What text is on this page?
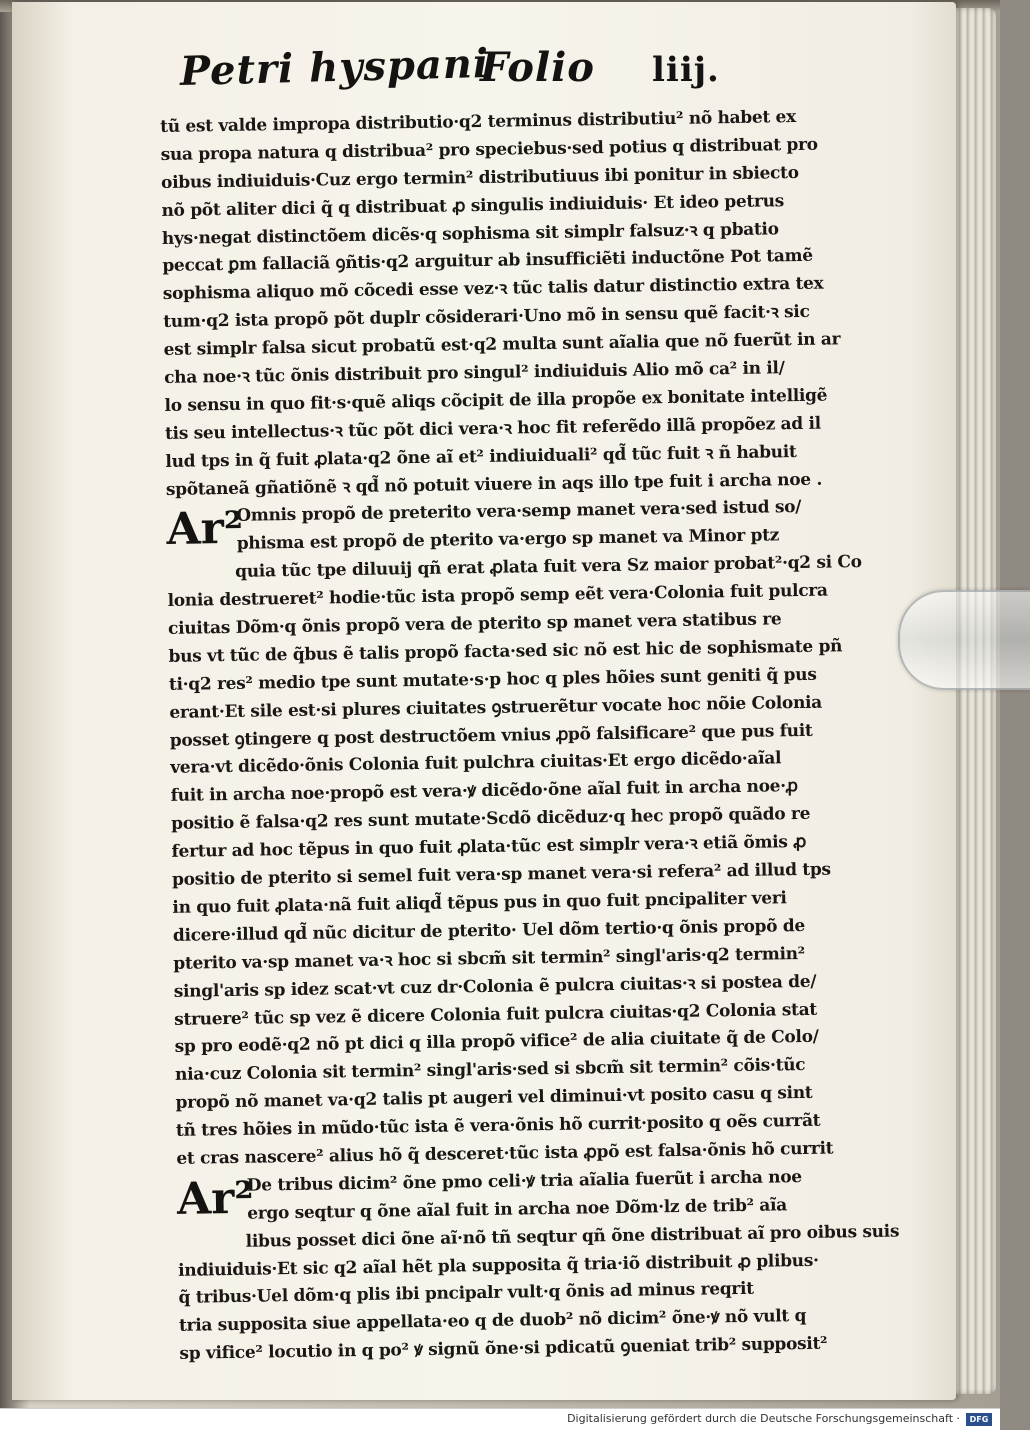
Petri hyspani
Folio liij.
tũ est valde impropa distributio·q2 terminus distributiu² nõ habet ex
sua propa natura q distribua² pro speciebus·sed potius q distribuat pro
oibus indiuiduis·Cuz ergo termin² distributiuus ibi ponitur in sbiecto
nõ põt aliter dici q̃ q distribuat ꝓ singulis indiuiduis· Et ideo petrus
hys·negat distinctõem dicẽs·q sophisma sit simplr falsuz·ꝛ q pbatio
peccat ꝑm fallaciã ꝯñtis·q2 arguitur ab insufficiẽti inductõne Pot tamẽ
sophisma aliquo mõ cõcedi esse vez·ꝛ tũc talis datur distinctio extra tex
tum·q2 ista propõ põt duplr cõsiderari·Uno mõ in sensu quẽ facit·ꝛ sic
est simplr falsa sicut probatũ est·q2 multa sunt aĩalia que nõ fuerũt in ar
cha noe·ꝛ tũc õnis distribuit pro singul² indiuiduis Alio mõ ca² in il/
lo sensu in quo fit·s·quẽ aliqs cõcipit de illa propõe ex bonitate intelligẽ
tis seu intellectus·ꝛ tũc põt dici vera·ꝛ hoc fit referẽdo illã propõez ad il
lud tps in q̃ fuit ꝓlata·q2 õne aĩ et² indiuiduali² qd̃ tũc fuit ꝛ ñ habuit
spõtaneã gñatiõnẽ ꝛ qd̃ nõ potuit viuere in aqs illo tpe fuit i archa noe .
Ar²
Omnis propõ de preterito vera·semp manet vera·sed istud so/
phisma est propõ de pterito va·ergo sp manet va Minor ptz
quia tũc tpe diluuij qñ erat ꝓlata fuit vera Sz maior probat²·q2 si Co
lonia destrueret² hodie·tũc ista propõ semp eẽt vera·Colonia fuit pulcra
ciuitas Dõm·q õnis propõ vera de pterito sp manet vera statibus re
bus vt tũc de q̃bus ẽ talis propõ facta·sed sic nõ est hic de sophismate pñ
ti·q2 res² medio tpe sunt mutate·s·p hoc q ples hõies sunt geniti q̃ pus
erant·Et sile est·si plures ciuitates ꝯstruerẽtur vocate hoc nõie Colonia
posset ꝯtingere q post destructõem vnius ꝓpõ falsificare² que pus fuit
vera·vt dicẽdo·õnis Colonia fuit pulchra ciuitas·Et ergo dicẽdo·aĩal
fuit in archa noe·propõ est vera·ꝟ dicẽdo·õne aĩal fuit in archa noe·ꝓ
positio ẽ falsa·q2 res sunt mutate·Scdõ dicẽduz·q hec propõ quãdo re
fertur ad hoc tẽpus in quo fuit ꝓlata·tũc est simplr vera·ꝛ etiã õmis ꝓ
positio de pterito si semel fuit vera·sp manet vera·si refera² ad illud tps
in quo fuit ꝓlata·nã fuit aliqd̃ tẽpus pus in quo fuit pncipaliter veri
dicere·illud qd̃ nũc dicitur de pterito· Uel dõm tertio·q õnis propõ de
pterito va·sp manet va·ꝛ hoc si sbcm̃ sit termin² singl'aris·q2 termin²
singl'aris sp idez scat·vt cuz dr·Colonia ẽ pulcra ciuitas·ꝛ si postea de/
struere² tũc sp vez ẽ dicere Colonia fuit pulcra ciuitas·q2 Colonia stat
sp pro eodẽ·q2 nõ pt dici q illa propõ vifice² de alia ciuitate q̃ de Colo/
nia·cuz Colonia sit termin² singl'aris·sed si sbcm̃ sit termin² cõis·tũc
propõ nõ manet va·q2 talis pt augeri vel diminui·vt posito casu q sint
tñ tres hõies in mũdo·tũc ista ẽ vera·õnis hõ currit·posito q oẽs currãt
et cras nascere² alius hõ q̃ desceret·tũc ista ꝓpõ est falsa·õnis hõ currit
Ar²
De tribus dicim² õne pmo celi·ꝟ tria aĩalia fuerũt i archa noe
ergo seqtur q õne aĩal fuit in archa noe Dõm·lz de trib² aĩa
libus posset dici õne aĩ·nõ tñ seqtur qñ õne distribuat aĩ pro oibus suis
indiuiduis·Et sic q2 aĩal hẽt pla supposita q̃ tria·iõ distribuit ꝓ plibus·
q̃ tribus·Uel dõm·q plis ibi pncipalr vult·q õnis ad minus reqrit
tria supposita siue appellata·eo q de duob² nõ dicim² õne·ꝟ nõ vult q
sp vifice² locutio in q po² ꝟ signũ õne·si pdicatũ ꝯueniat trib² supposit²
Digitalisierung gefördert durch die Deutsche Forschungsgemeinschaft ·	DFG
